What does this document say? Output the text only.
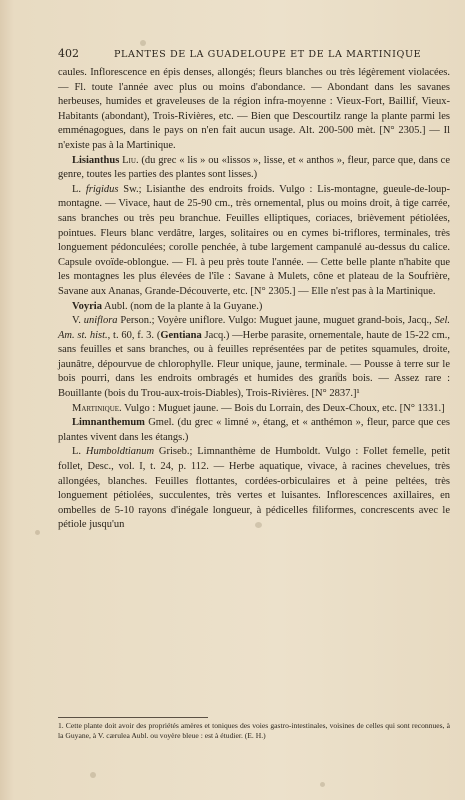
402	PLANTES DE LA GUADELOUPE ET DE LA MARTINIQUE

caules. Inflorescence en épis denses, allongés; fleurs blanches ou très légèrement violacées. — Fl. toute l'année avec plus ou moins d'abondance. — Abondant dans les savanes herbeuses, humides et graveleuses de la région infra-moyenne : Vieux-Fort, Baillif, Vieux-Habitants (abondant), Trois-Rivières, etc. — Bien que Descourtilz range la plante parmi les emménagogues, dans le pays on n'en fait aucun usage. Alt. 200-500 mèt. [N° 2305.] — Il n'existe pas à la Martinique.

Lisianthus Liu. (du grec « lis » ou «lissos », lisse, et « anthos », fleur, parce que, dans ce genre, toutes les parties des plantes sont lisses.)

L. frigidus Sw.; Lisianthe des endroits froids. Vulgo : Lis-montagne, gueule-de-loup-montagne. — Vivace, haut de 25-90 cm., très ornemental, plus ou moins droit, à tige carrée, sans branches ou très peu branchue. Feuilles elliptiques, coriaces, brièvement pétiolées, pointues. Fleurs blanc verdâtre, larges, solitaires ou en cymes bi-triflores, terminales, très longuement pédonculées; corolle penchée, à tube largement campanulé au-dessus du calice. Capsule ovoïde-oblongue. — Fl. à peu près toute l'année. — Cette belle plante n'habite que les montagnes les plus élevées de l'île : Savane à Mulets, cône et plateau de la Soufrière, Savane aux Ananas, Grande-Découverte, etc. [N° 2305.] — Elle n'est pas à la Martinique.

Voyria Aubl. (nom de la plante à la Guyane.)

V. uniflora Person.; Voyère uniflore. Vulgo: Muguet jaune, muguet grand-bois, Jacq., Sel. Am. st. hist., t. 60, f. 3. (Gentiana Jacq.) —Herbe parasite, ornementale, haute de 15-22 cm., sans feuilles et sans branches, ou à feuilles représentées par de petites squamules, droite, jaunâtre, dépourvue de chlorophylle. Fleur unique, jaune, terminale. — Pousse à terre sur le bois pourri, dans les endroits ombragés et humides des grands bois. — Assez rare : Bouillante (bois du Trou-aux-trois-Diables), Trois-Rivières. [N° 2837.]¹

Martinique. Vulgo : Muguet jaune. — Bois du Lorrain, des Deux-Choux, etc. [N° 1331.]

Limnanthemum Gmel. (du grec « limné », étang, et « anthémon », fleur, parce que ces plantes vivent dans les étangs.)

L. Humboldtianum Griseb.; Limnanthème de Humboldt. Vulgo : Follet femelle, petit follet, Desc., vol. I, t. 24, p. 112. — Herbe aquatique, vivace, à racines chevelues, très allongées, blanches. Feuilles flottantes, cordées-orbiculaires et à peine peltées, très longuement pétiolées, succulentes, très vertes et luisantes. Inflorescences axillaires, en ombelles de 5-10 rayons d'inégale longueur, à pédicelles filiformes, concrescents avec le pétiole jusqu'un

1. Cette plante doit avoir des propriétés amères et toniques des voies gastro-intestinales, voisines de celles qui sont reconnues, à la Guyane, à V. cærulea Aubl. ou voyère bleue : est à étudier. (E. H.)
